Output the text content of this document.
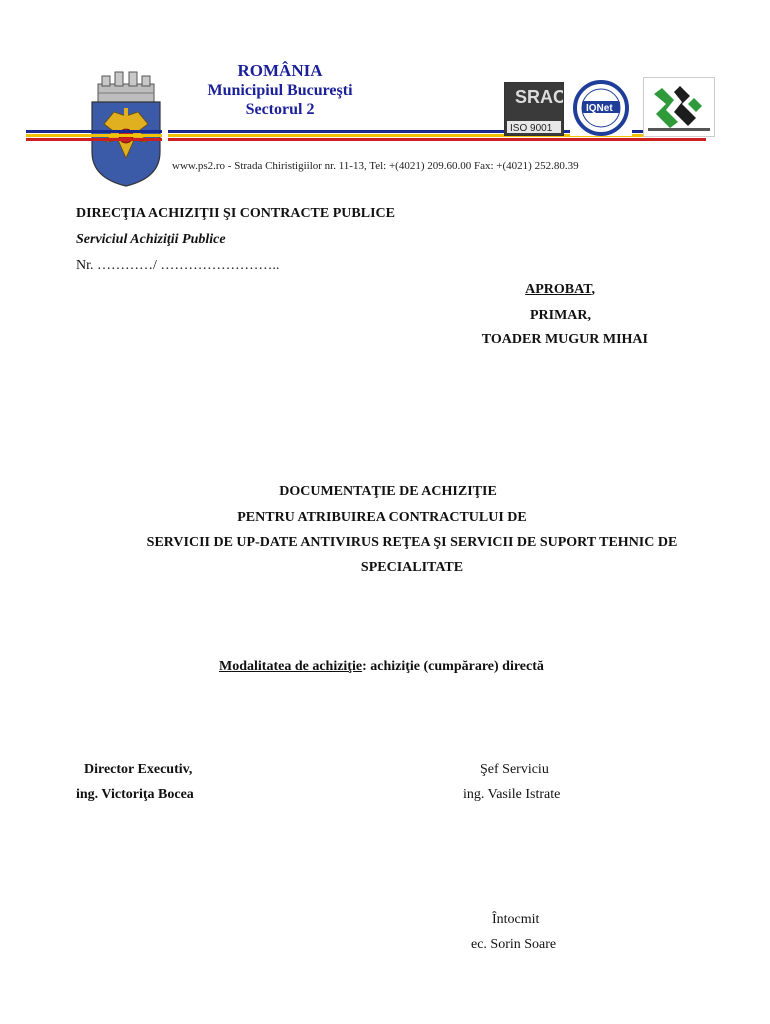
ROMÂNIA
Municipiul Bucureşti
Sectorul 2
SRAC
ISO 9001
IQNet
www.ps2.ro - Strada Chiristigiilor nr. 11-13, Tel: +(4021) 209.60.00 Fax: +(4021) 252.80.39
DIRECŢIA ACHIZIŢII ŞI CONTRACTE PUBLICE
Serviciul Achiziţii Publice
Nr. …………/ ……………………..
APROBAT,
PRIMAR,
TOADER MUGUR MIHAI
DOCUMENTAŢIE DE ACHIZIŢIE
PENTRU ATRIBUIREA CONTRACTULUI DE
SERVICII DE UP-DATE ANTIVIRUS REŢEA ŞI SERVICII DE SUPORT TEHNIC DE
SPECIALITATE
Modalitatea de achiziţie: achiziţie (cumpărare) directă
Director Executiv,
ing. Victoriţa Bocea
Şef Serviciu
ing. Vasile Istrate
Întocmit
ec. Sorin Soare
